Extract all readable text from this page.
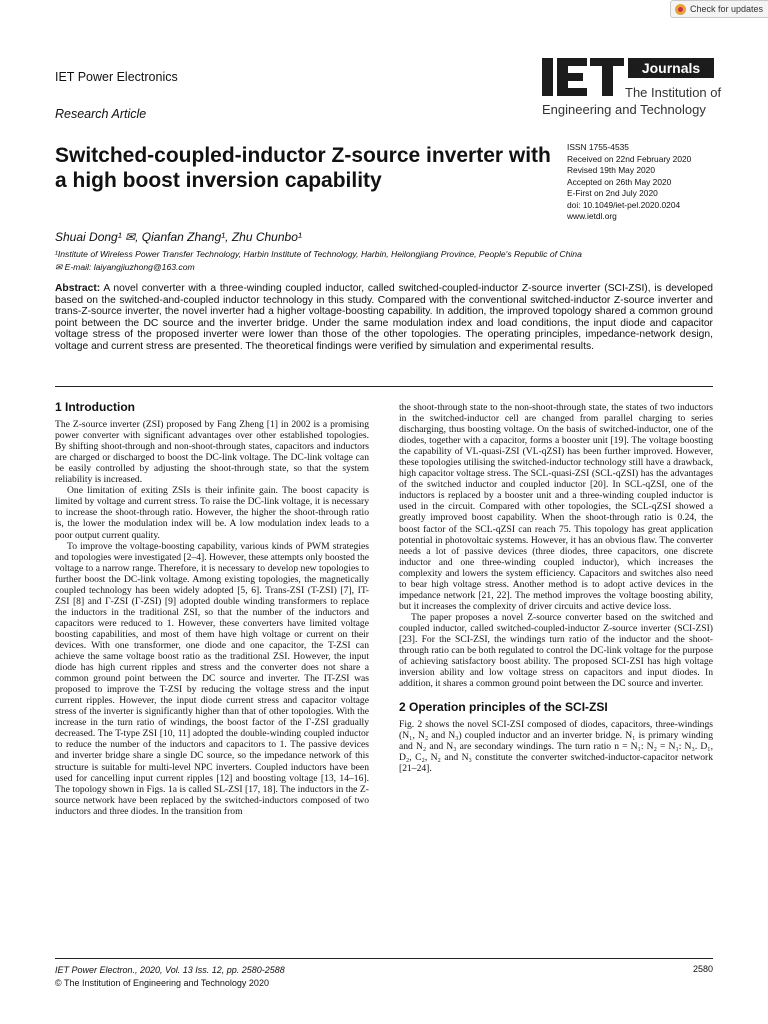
Check for updates
IET Power Electronics
Research Article
Journals
The Institution of
Engineering and Technology
Switched-coupled-inductor Z-source inverter with a high boost inversion capability
ISSN 1755-4535
Received on 22nd February 2020
Revised 19th May 2020
Accepted on 26th May 2020
E-First on 2nd July 2020
doi: 10.1049/iet-pel.2020.0204
www.ietdl.org
Shuai Dong¹ ✉, Qianfan Zhang¹, Zhu Chunbo¹
¹Institute of Wireless Power Transfer Technology, Harbin Institute of Technology, Harbin, Heilongjiang Province, People's Republic of China
✉ E-mail: laiyangjiuzhong@163.com
Abstract: A novel converter with a three-winding coupled inductor, called switched-coupled-inductor Z-source inverter (SCI-ZSI), is developed based on the switched-and-coupled inductor technology in this study. Compared with the conventional switched-inductor Z-source inverter and trans-Z-source inverter, the novel inverter had a higher voltage-boosting capability. In addition, the improved topology shared a common ground point between the DC source and the inverter bridge. Under the same modulation index and load conditions, the input diode and capacitor voltage stress of the proposed inverter were lower than those of the other topologies. The operating principles, impedance-network design, voltage and current stress are presented. The theoretical findings were verified by simulation and experimental results.
1 Introduction

The Z-source inverter (ZSI) proposed by Fang Zheng [1] in 2002 is a promising power converter with significant advantages over other established topologies. By shifting shoot-through and non-shoot-through states, capacitors and inductors are charged or discharged to boost the DC-link voltage. The DC-link voltage can be easily controlled by adjusting the shoot-through state, so that the system reliability is increased.

One limitation of exiting ZSIs is their infinite gain. The boost capacity is limited by voltage and current stress. To raise the DC-link voltage, it is necessary to increase the shoot-through ratio. However, the higher the shoot-through ratio is, the lower the modulation index will be. A low modulation index leads to a poor output current quality.

To improve the voltage-boosting capability, various kinds of PWM strategies and topologies were investigated [2–4]. However, these attempts only boosted the voltage to a narrow range. Therefore, it is necessary to develop new topologies to further boost the DC-link voltage. Among existing topologies, the magnetically coupled technology has been widely adopted [5, 6]. Trans-ZSI (T-ZSI) [7], IT-ZSI [8] and Γ-ZSI (Γ-ZSI) [9] adopted double winding transformers to replace the inductors in the traditional ZSI, so that the number of the inductors and capacitors were reduced to 1. However, these converters have limited voltage boosting capabilities, and most of them have high voltage or current on their devices. With one transformer, one diode and one capacitor, the T-ZSI can achieve the same voltage boost ratio as the traditional ZSI. However, the input diode has high current ripples and stress and the converter does not share a common ground point between the DC source and inverter. The IT-ZSI was proposed to improve the T-ZSI by reducing the voltage stress and the input current ripples. However, the input diode current stress and capacitor voltage stress of the inverter is significantly higher than that of other topologies. With the increase in the turn ratio of windings, the boost factor of the Γ-ZSI gradually decreased. The T-type ZSI [10, 11] adopted the double-winding coupled inductor to reduce the number of the inductors and capacitors to 1. The passive devices and inverter bridge share a single DC source, so the impedance network of this structure is suitable for multi-level NPC inverters. Coupled inductors have been used for cancelling input current ripples [12] and boosting voltage [13, 14–16]. The topology shown in Figs. 1a is called SL-ZSI [17, 18]. The inductors in the Z-source network have been replaced by the switched-inductors composed of two inductors and three diodes. In the transition from

the shoot-through state to the non-shoot-through state, the states of two inductors in the switched-inductor cell are changed from parallel charging to series discharging, thus boosting voltage. On the basis of switched-inductor, one of the diodes, together with a capacitor, forms a booster unit [19]. The voltage boosting the capability of VL-quasi-ZSI (VL-qZSI) has been further improved. However, these topologies utilising the switched-inductor technology still have a drawback, high capacitor voltage stress. The SCL-quasi-ZSI (SCL-qZSI) has the advantages of the switched inductor and coupled inductor [20]. In SCL-qZSI, one of the inductors is replaced by a booster unit and a three-winding coupled inductor is used in the circuit. Compared with other topologies, the SCL-qZSI showed a greatly improved boost capability. When the shoot-through ratio is 0.24, the boost factor of the SCL-qZSI can reach 75. This topology has great application potential in photovoltaic systems. However, it has an obvious flaw. The converter needs a lot of passive devices (three diodes, three capacitors, one discrete inductor and one three-winding coupled inductor), which increases the complexity and lowers the system efficiency. Capacitors and switches also need to bear high voltage stress. Another method is to adopt active devices in the impedance network [21, 22]. The method improves the voltage boosting ability, but it increases the complexity of driver circuits and active device loss.

The paper proposes a novel Z-source converter based on the switched and coupled inductor, called switched-coupled-inductor Z-source inverter (SCI-ZSI) [23]. For the SCI-ZSI, the windings turn ratio of the inductor and the shoot-through ratio can be both regulated to control the DC-link voltage for the purpose of achieving satisfactory boost ability. The proposed SCI-ZSI has high voltage inversion ability and low voltage stress on capacitors and input diodes. In addition, it shares a common ground point between the DC source and inverter.

2 Operation principles of the SCI-ZSI

Fig. 2 shows the novel SCI-ZSI composed of diodes, capacitors, three-windings (N₁, N₂ and N₃) coupled inductor and an inverter bridge. N₁ is primary winding and N₂ and N₃ are secondary windings. The turn ratio n = N₁: N₂ = N₁: N₃. D₁, D₂, C₂, N₂ and N₃ constitute the converter switched-inductor-capacitor network [21–24].

IET Power Electron., 2020, Vol. 13 Iss. 12, pp. 2580-2588
© The Institution of Engineering and Technology 2020
2580
